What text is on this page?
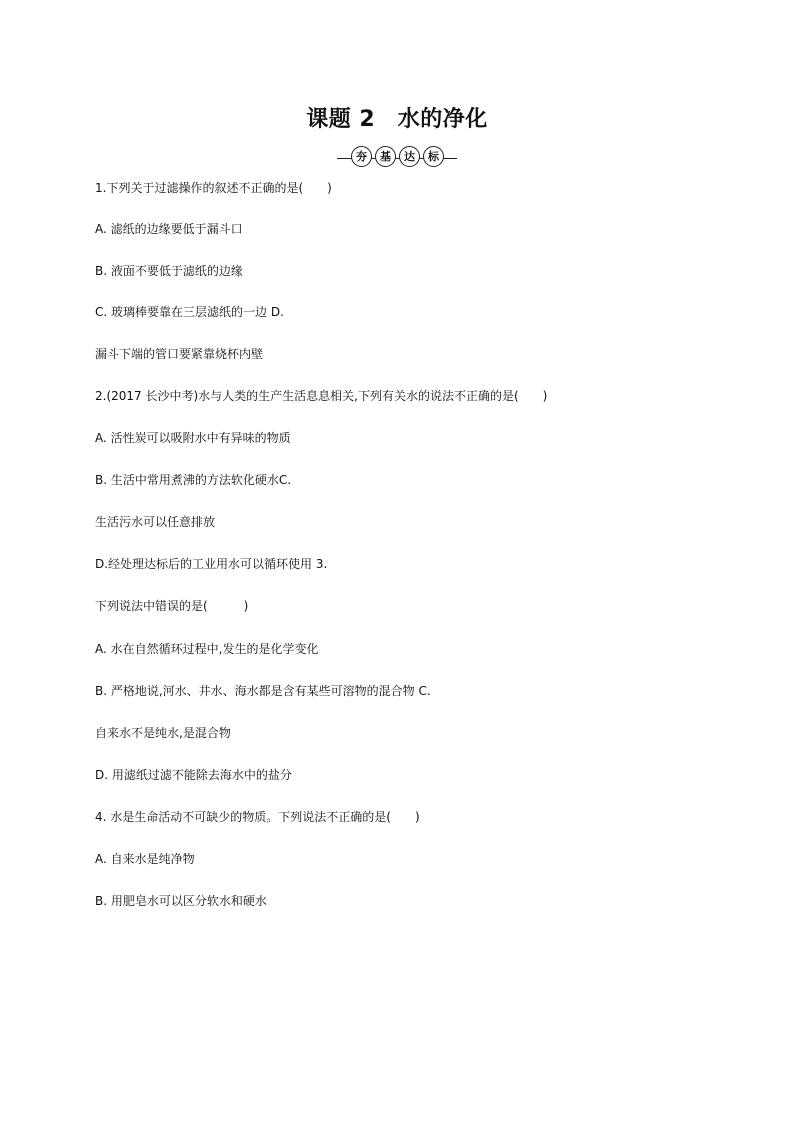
课题 2　水的净化
夯	基	达	标

1.下列关于过滤操作的叙述不正确的是(　　)

A. 滤纸的边缘要低于漏斗口

B. 液面不要低于滤纸的边缘

C. 玻璃棒要靠在三层滤纸的一边 D.

漏斗下端的管口要紧靠烧杯内壁

2.(2017 长沙中考)水与人类的生产生活息息相关,下列有关水的说法不正确的是(　　)

A. 活性炭可以吸附水中有异味的物质

B. 生活中常用煮沸的方法软化硬水C.

生活污水可以任意排放

D.经处理达标后的工业用水可以循环使用 3.

下列说法中错误的是(　　　)

A. 水在自然循环过程中,发生的是化学变化

B. 严格地说,河水、井水、海水都是含有某些可溶物的混合物 C.

自来水不是纯水,是混合物

D. 用滤纸过滤不能除去海水中的盐分

4. 水是生命活动不可缺少的物质。下列说法不正确的是(　　)

A. 自来水是纯净物

B. 用肥皂水可以区分软水和硬水
